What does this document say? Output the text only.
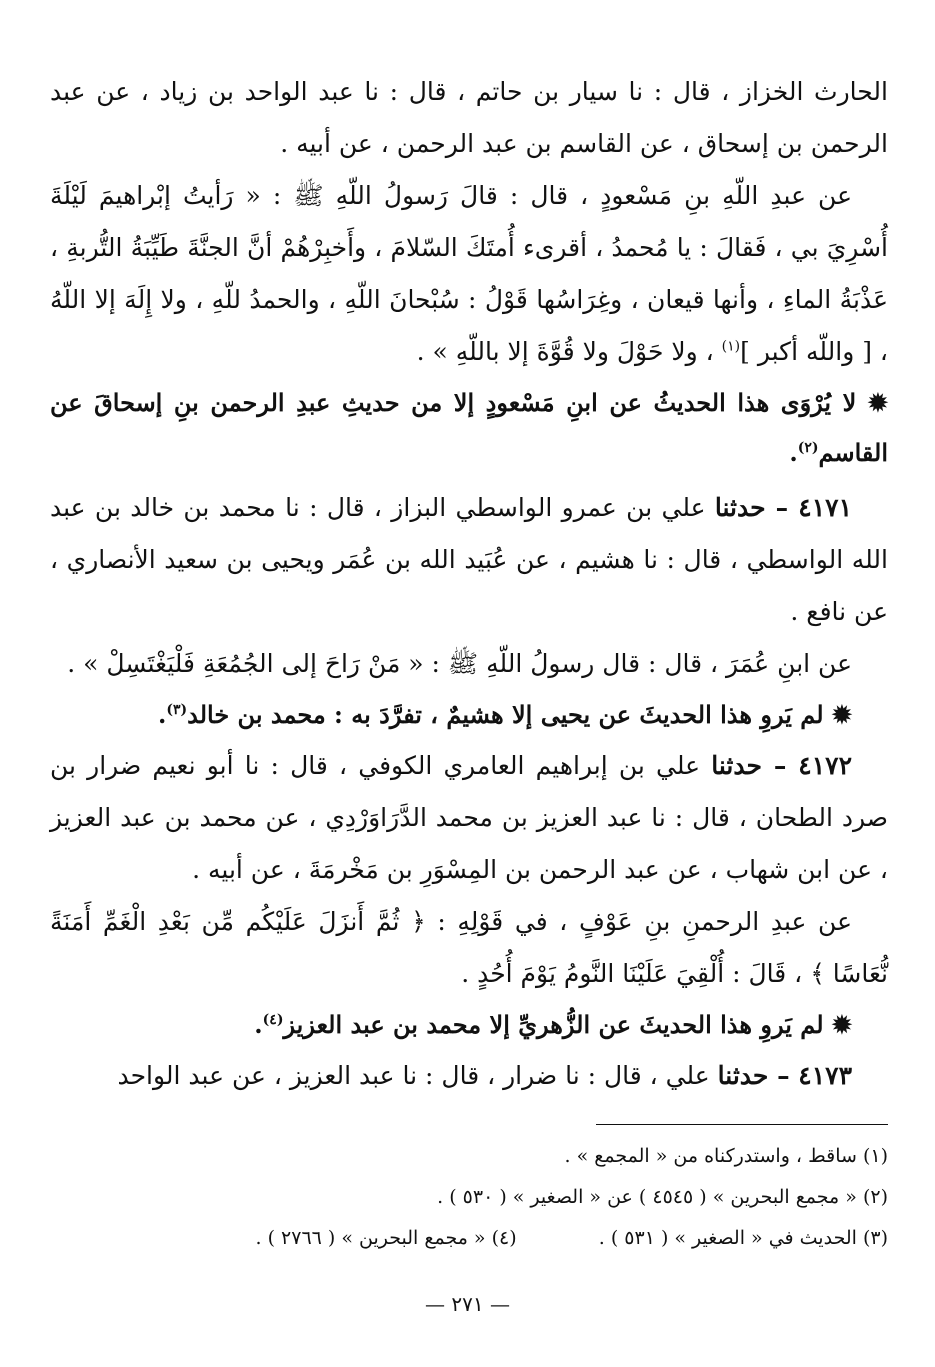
الحارث الخزاز ، قال : نا سيار بن حاتم ، قال : نا عبد الواحد بن زياد ، عن عبد الرحمن بن إسحاق ، عن القاسم بن عبد الرحمن ، عن أبيه .

عن عبدِ اللّهِ بنِ مَسْعودٍ ، قال : قالَ رَسولُ اللّهِ ﷺ : « رَأيتُ إبْراهيمَ لَيْلَةَ أُسْرِيَ بي ، فَقالَ : يا مُحمدُ ، أقرىء أُمتَكَ السّلامَ ، وأَخبِرْهُمْ أنَّ الجنَّةَ طَيِّبَةُ التُّربةِ ، عَذْبَةُ الماءِ ، وأنها قيعان ، وغِرَاسُها قَوْلُ : سُبْحانَ اللّهِ ، والحمدُ للّهِ ، ولا إِلَهَ إلا اللّهُ ، [ واللّه أكبر ]$^{(١)}$ ، ولا حَوْلَ ولا قُوَّةَ إلا باللّهِ » .

✹ لا يُرْوَى هذا الحديثُ عن ابنِ مَسْعودٍ إلا من حديثِ عبدِ الرحمن بنِ إسحاقَ عن القاسم$^{(٢)}$.

٤١٧١ – حدثنا علي بن عمرو الواسطي البزاز ، قال : نا محمد بن خالد بن عبد الله الواسطي ، قال : نا هشيم ، عن عُبَيد الله بن عُمَر ويحيى بن سعيد الأنصاري ، عن نافع .

عن ابنِ عُمَرَ ، قال : قال رسولُ اللّهِ ﷺ : « مَنْ رَاحَ إلى الجُمُعَةِ فَلْيَغْتَسِلْ » .

✹ لم يَروِ هذا الحديثَ عن يحيى إلا هشيمٌ ، تفرَّدَ به : محمد بن خالد$^{(٣)}$.

٤١٧٢ – حدثنا علي بن إبراهيم العامري الكوفي ، قال : نا أبو نعيم ضرار بن صرد الطحان ، قال : نا عبد العزيز بن محمد الدَّرَاوَرْدِي ، عن محمد بن عبد العزيز ، عن ابن شهاب ، عن عبد الرحمن بن المِسْوَرِ بن مَخْرمَةَ ، عن أبيه .

عن عبدِ الرحمنِ بنِ عَوْفٍ ، في قَوْلِهِ : ﴿ ثُمَّ أَنزَلَ عَلَيْكُم مِّن بَعْدِ الْغَمِّ أَمَنَةً نُّعَاسًا ﴾ ، قَالَ : أُلْقِيَ عَلَيْنَا النَّومُ يَوْمَ أُحُدٍ .

✹ لم يَروِ هذا الحديثَ عن الزُّهريِّ إلا محمد بن عبد العزيز$^{(٤)}$.

٤١٧٣ – حدثنا علي ، قال : نا ضرار ، قال : نا عبد العزيز ، عن عبد الواحد

(١) ساقط ، واستدركناه من « المجمع » .
(٢) « مجمع البحرين » ( ٤٥٤٥ ) عن « الصغير » ( ٥٣٠ ) .
(٣) الحديث في « الصغير » ( ٥٣١ ) .  (٤) « مجمع البحرين » ( ٢٧٦٦ ) .
— ٢٧١ —
